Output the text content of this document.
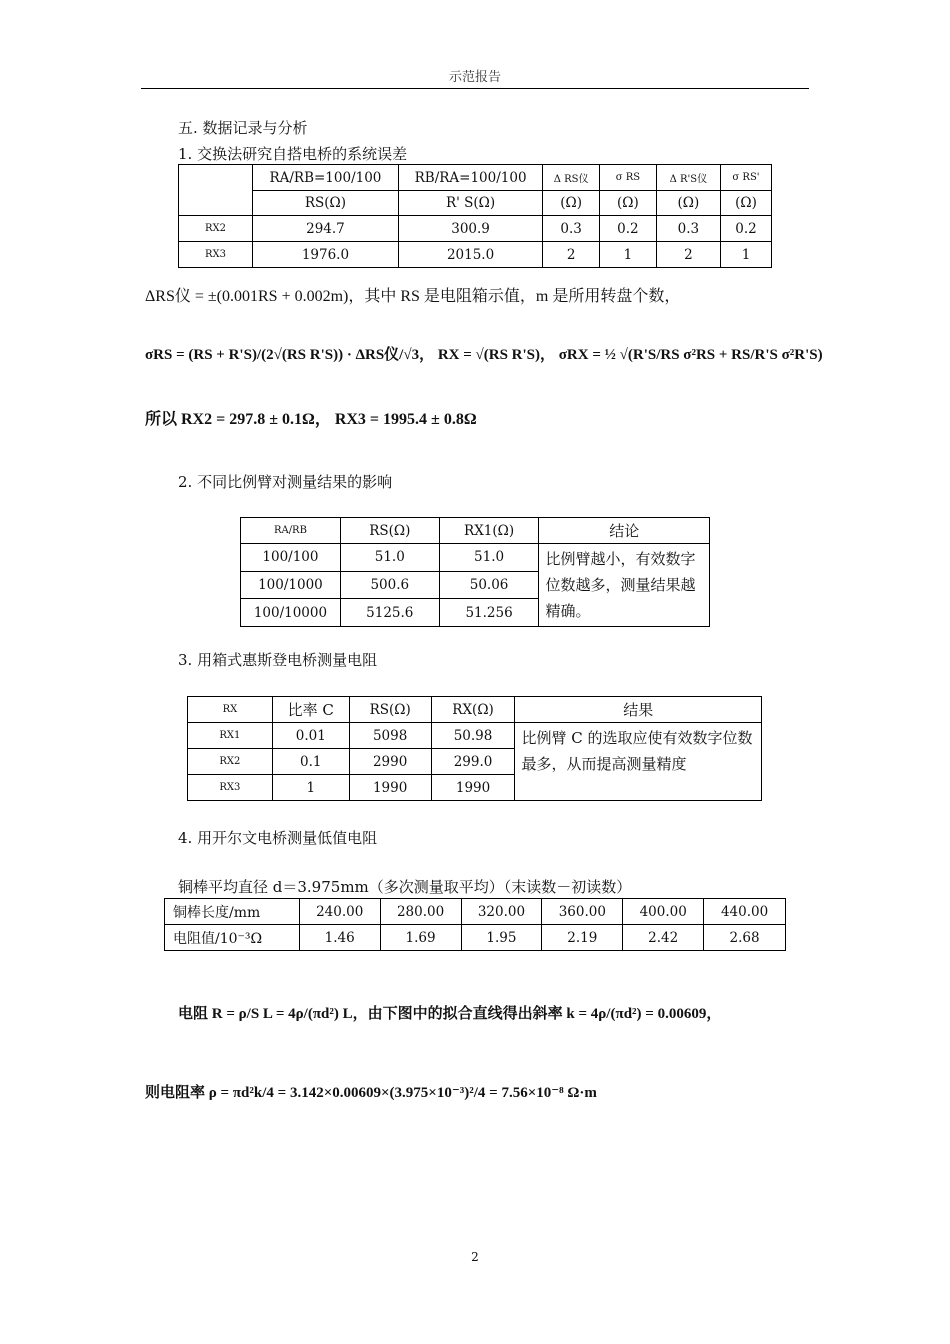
示范报告
五. 数据记录与分析
1. 交换法研究自搭电桥的系统误差
	RA/RB=100/100	RB/RA=100/100	Δ RS仪	σ RS	Δ R'S仪	σ RS'
	RS(Ω)	R' S(Ω)	(Ω)	(Ω)	(Ω)	(Ω)
RX2	294.7	300.9	0.3	0.2	0.3	0.2
RX3	1976.0	2015.0	2	1	2	1
ΔRS仪 = ±(0.001RS + 0.002m)，其中 RS 是电阻箱示值，m 是所用转盘个数，
σRS = (RS + R'S)/(2√(RS R'S)) · ΔRS仪/√3， RX = √(RS R'S)， σRX = ½ √(R'S/RS σ²RS + RS/R'S σ²R'S)
所以 RX2 = 297.8 ± 0.1Ω， RX3 = 1995.4 ± 0.8Ω
2. 不同比例臂对测量结果的影响
RA/RB	RS(Ω)	RX1(Ω)	结论
100/100	51.0	51.0	比例臂越小，有效数字位数越多，测量结果越精确。
100/1000	500.6	50.06	
100/10000	5125.6	51.256	
3. 用箱式惠斯登电桥测量电阻
RX	比率 C	RS(Ω)	RX(Ω)	结果
RX1	0.01	5098	50.98	比例臂 C 的选取应使有效数字位数最多，从而提高测量精度
RX2	0.1	2990	299.0	
RX3	1	1990	1990	
4. 用开尔文电桥测量低值电阻
铜棒平均直径 d＝3.975mm（多次测量取平均）（末读数－初读数）
铜棒长度/mm	240.00	280.00	320.00	360.00	400.00	440.00
电阻值/10⁻³Ω	1.46	1.69	1.95	2.19	2.42	2.68
电阻 R = ρ/S L = 4ρ/(πd²) L，由下图中的拟合直线得出斜率 k = 4ρ/(πd²) = 0.00609，
则电阻率 ρ = πd²k/4 = 3.142×0.00609×(3.975×10⁻³)²/4 = 7.56×10⁻⁸ Ω·m
2
